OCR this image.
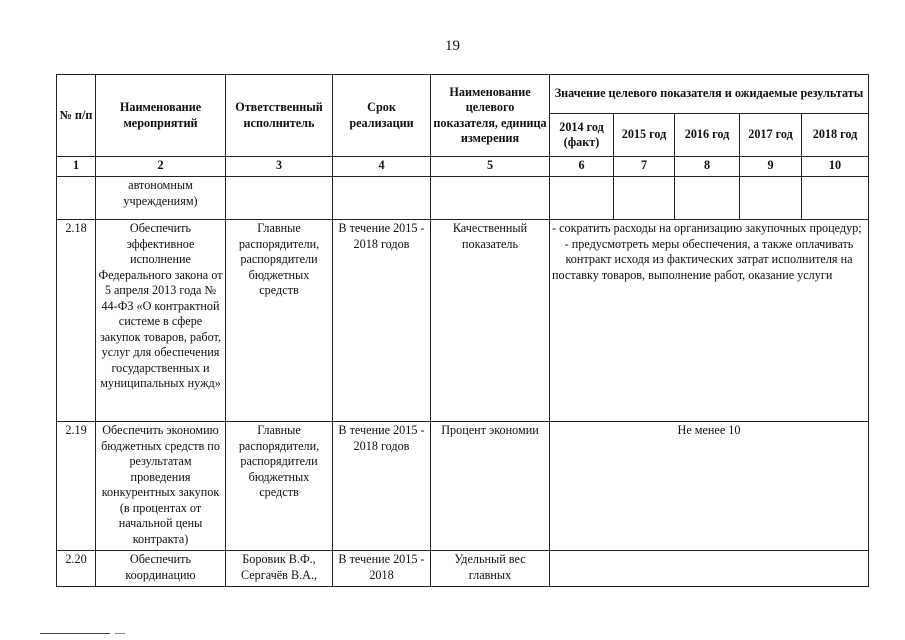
19
№ п/п	Наименование мероприятий	Ответственный исполнитель	Срок реализации	Наименование целевого показателя, единица измерения	Значение целевого показателя и ожидаемые результаты				
					2014 год (факт)	2015 год	2016 год	2017 год	2018 год
1	2	3	4	5	6	7	8	9	10
	автономным учреждениям)								
2.18	Обеспечить эффективное исполнение Федерального закона от 5 апреля 2013 года № 44-ФЗ «О контрактной системе в сфере закупок товаров, работ, услуг для обеспечения государственных и муниципальных нужд»	Главные распорядители, распорядители бюджетных средств	В течение 2015 - 2018 годов	Качественный показатель	- сократить расходы на организацию закупочных процедур;
- предусмотреть меры обеспечения, а также оплачивать контракт исходя из фактических затрат исполнителя на поставку товаров, выполнение работ, оказание услуги				

2.19	Обеспечить экономию бюджетных средств по результатам проведения конкурентных закупок (в процентах от начальной цены контракта)	Главные распорядители, распорядители бюджетных средств	В течение 2015 - 2018 годов	Процент экономии	Не менее 10				
2.20	Обеспечить координацию	Боровик В.Ф., Сергачёв В.А.,	В течение 2015 - 2018	Удельный вес главных					
